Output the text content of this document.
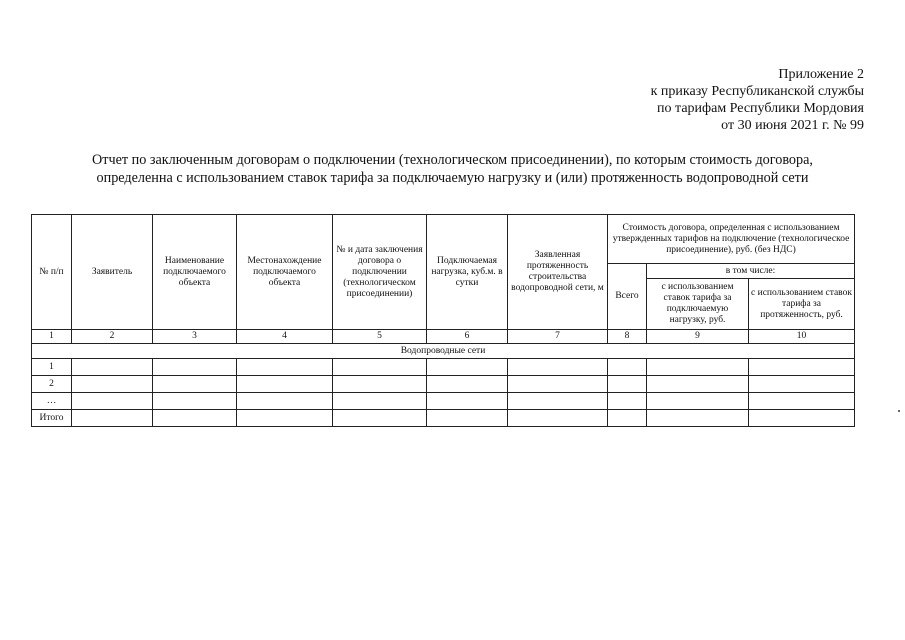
Приложение 2
к приказу Республиканской службы
по тарифам Республики Мордовия
от 30 июня 2021 г. № 99
Отчет по заключенным договорам о подключении (технологическом присоединении), по которым стоимость договора,
определенна с использованием ставок тарифа за подключаемую нагрузку и (или) протяженность водопроводной сети
№ п/п	Заявитель	Наименование подключаемого объекта	Местонахождение подключаемого объекта	№ и дата заключения договора о подключении (технологическом присоединении)	Подключаемая нагрузка, куб.м. в сутки	Заявленная протяженность строительства водопроводной сети, м	Стоимость договора, определенная с использованием утвержденных тарифов на подключение (технологическое присоединение), руб. (без НДС)		
							Всего	в том числе:	
								с использованием ставок тарифа за подключаемую нагрузку, руб.	с использованием ставок тарифа за протяженность, руб.
1	2	3	4	5	6	7	8	9	10
Водопроводные сети									
1									
2									
…									
Итого									
